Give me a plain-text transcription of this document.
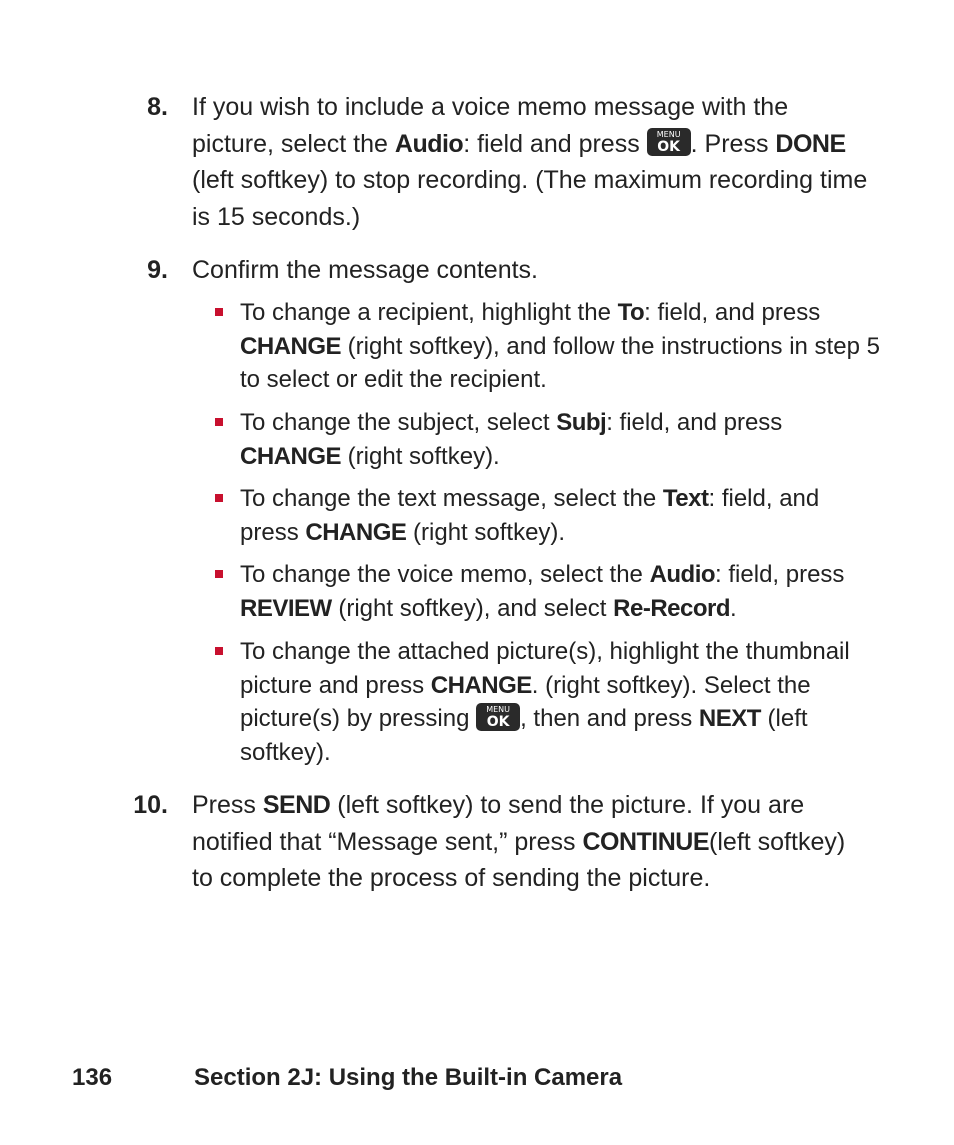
8. If you wish to include a voice memo message with the picture, select the Audio: field and press	MENU
OK . Press DONE (left softkey) to stop recording. (The maximum recording time is 15 seconds.)
9. Confirm the message contents.
To change a recipient, highlight the To: field, and press CHANGE (right softkey), and follow the instructions in step 5 to select or edit the recipient.
To change the subject, select Subj: field, and press CHANGE (right softkey).
To change the text message, select the Text: field, and press CHANGE (right softkey).
To change the voice memo, select the Audio: field, press REVIEW (right softkey), and select Re-Record.
To change the attached picture(s), highlight the thumbnail picture and press CHANGE. (right softkey). Select the picture(s) by pressing	MENU
OK , then and press NEXT (left softkey).
10. Press SEND (left softkey) to send the picture. If you are notified that “Message sent,” press CONTINUE(left softkey) to complete the process of sending the picture.
136	Section 2J: Using the Built-in Camera
